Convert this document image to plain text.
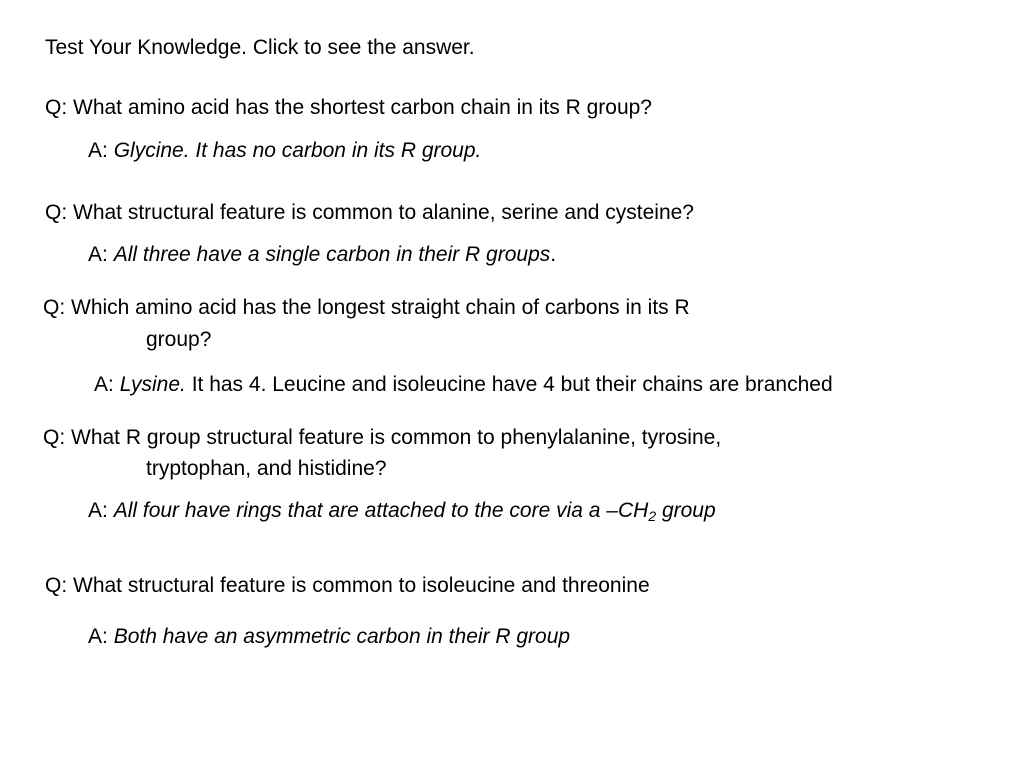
Test Your Knowledge. Click to see the answer.
Q: What amino acid has the shortest carbon chain in its R group?
A: Glycine. It has no carbon in its R group.
Q: What structural feature is common to alanine, serine and cysteine?
A: All three have a single carbon in their R groups.
Q: Which amino acid has the longest straight chain of carbons in its R
group?
A: Lysine. It has 4. Leucine and isoleucine have 4 but their chains are branched
Q: What R group structural feature is common to phenylalanine, tyrosine,
tryptophan, and histidine?
A: All four have rings that are attached to the core via a $-CH_2$ group
Q: What structural feature is common to isoleucine and threonine
A: Both have an asymmetric carbon in their R group
